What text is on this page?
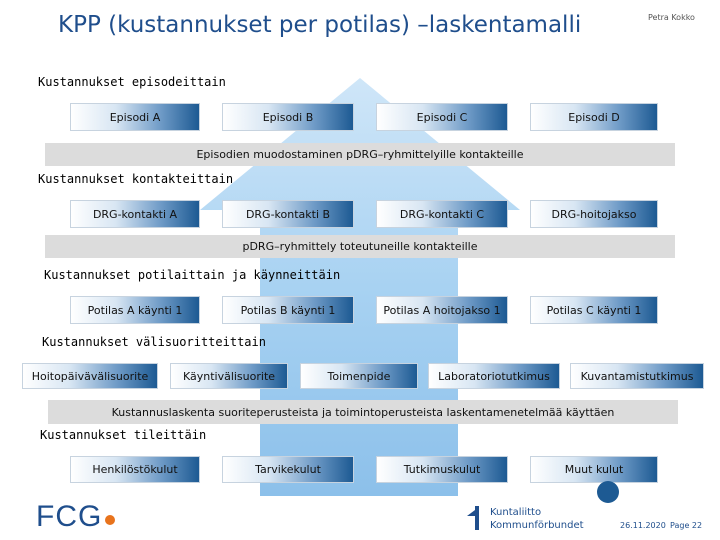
KPP (kustannukset per potilas) –laskentamalli	Petra Kokko
Kustannukset episodeittain
Episodi A	Episodi B	Episodi C	Episodi D
Episodien muodostaminen pDRG–ryhmittelyille kontakteille
Kustannukset kontakteittain
DRG-kontakti A	DRG-kontakti B	DRG-kontakti C	DRG-hoitojakso
pDRG–ryhmittely toteutuneille kontakteille
Kustannukset potilaittain ja käynneittäin
Potilas A käynti 1	Potilas B käynti 1	Potilas A hoitojakso 1	Potilas C käynti 1
Kustannukset välisuoritteittain
Hoitopäivävälisuorite	Käyntivälisuorite	Toimenpide	Laboratoriotutkimus	Kuvantamistutkimus
Kustannuslaskenta suoriteperusteista ja toimintoperusteista laskentamenetelmää käyttäen
Kustannukset tileittäin
Henkilöstökulut	Tarvikekulut	Tutkimuskulut	Muut kulut
FCG	Kuntaliitto
Kommunförbundet	26.11.2020 Page 22
